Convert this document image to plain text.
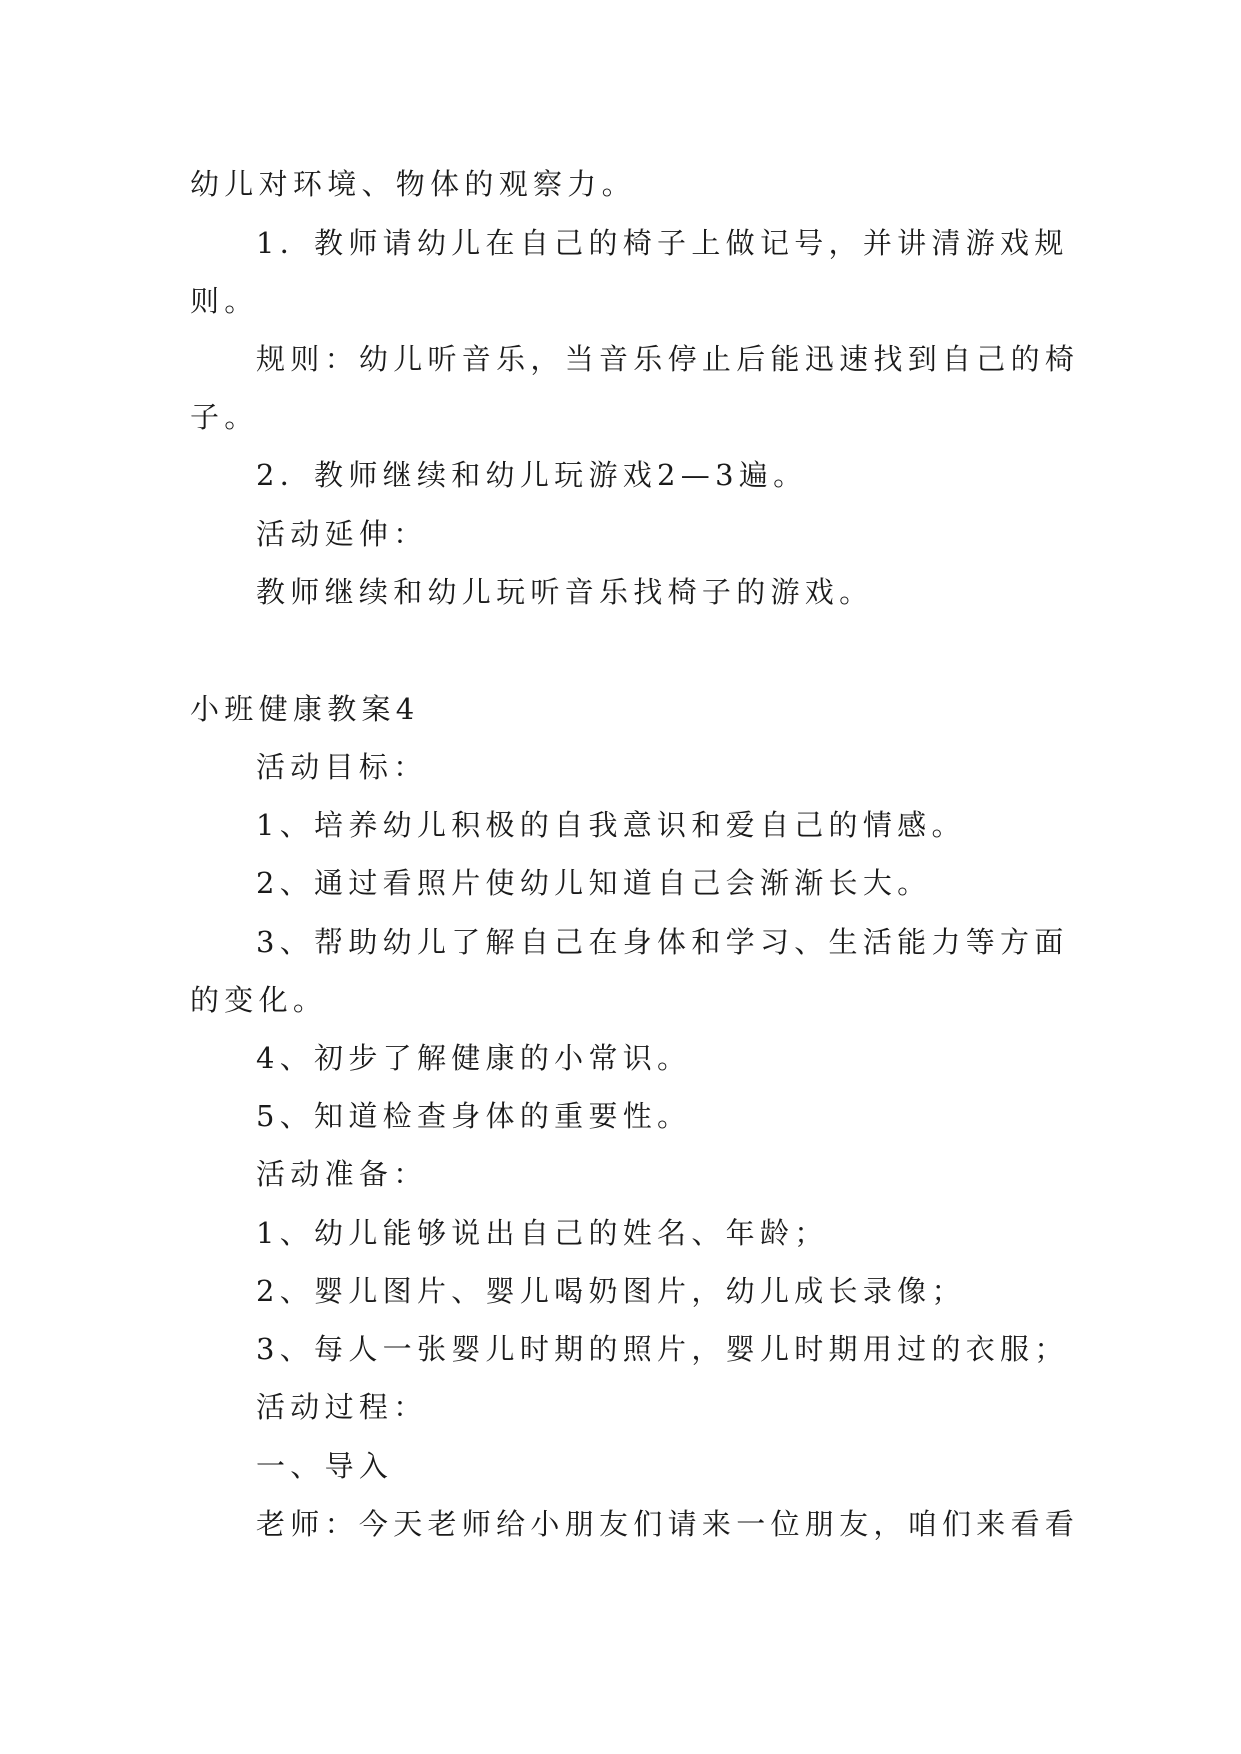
幼儿对环境、物体的观察力。
1．教师请幼儿在自己的椅子上做记号，并讲清游戏规
则。
规则：幼儿听音乐，当音乐停止后能迅速找到自己的椅
子。
2．教师继续和幼儿玩游戏2—3遍。
活动延伸：
教师继续和幼儿玩听音乐找椅子的游戏。
小班健康教案4
活动目标：
1、培养幼儿积极的自我意识和爱自己的情感。
2、通过看照片使幼儿知道自己会渐渐长大。
3、帮助幼儿了解自己在身体和学习、生活能力等方面
的变化。
4、初步了解健康的小常识。
5、知道检查身体的重要性。
活动准备：
1、幼儿能够说出自己的姓名、年龄；
2、婴儿图片、婴儿喝奶图片，幼儿成长录像；
3、每人一张婴儿时期的照片，婴儿时期用过的衣服；
活动过程：
一、导入
老师：今天老师给小朋友们请来一位朋友，咱们来看看
